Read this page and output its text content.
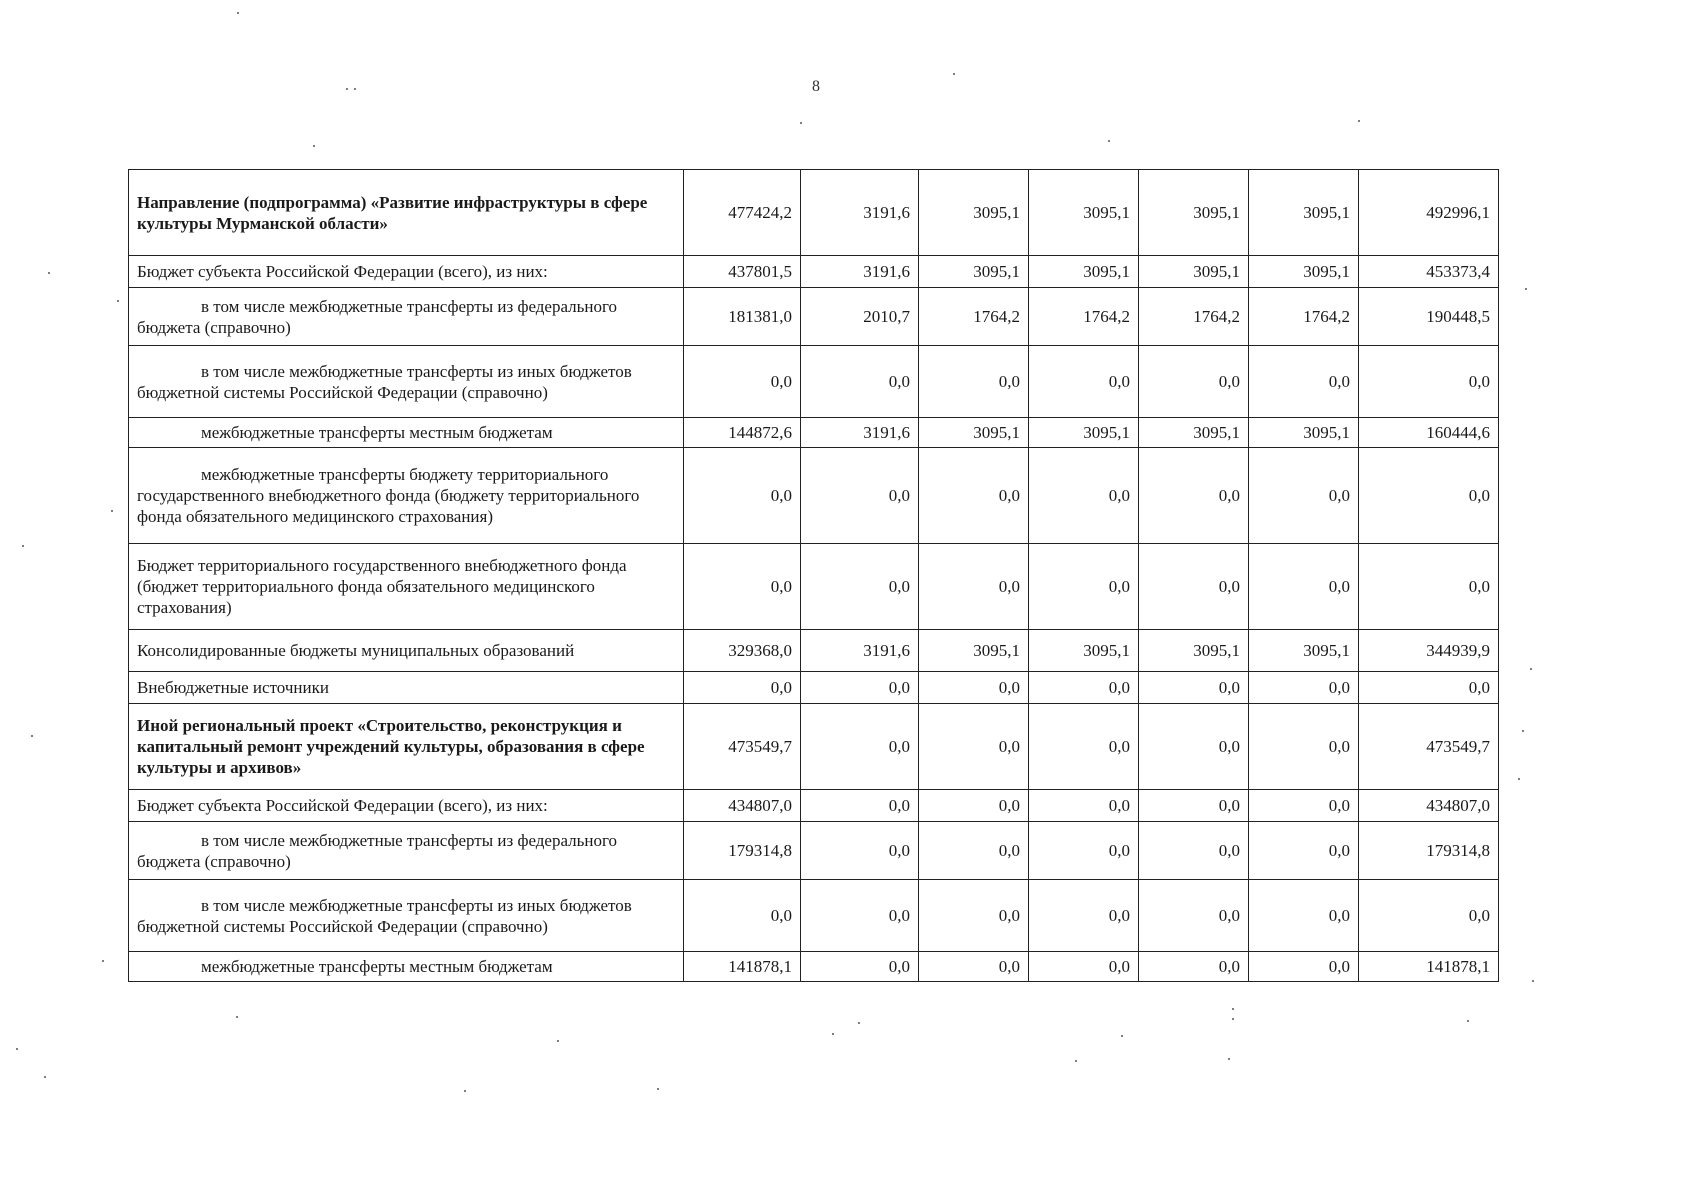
8
Направление (подпрограмма) «Развитие инфраструктуры в сфере культуры Мурманской области»	477424,2	3191,6	3095,1	3095,1	3095,1	3095,1	492996,1
Бюджет субъекта Российской Федерации (всего), из них:	437801,5	3191,6	3095,1	3095,1	3095,1	3095,1	453373,4
в том числе межбюджетные трансферты из федерального бюджета (справочно)	181381,0	2010,7	1764,2	1764,2	1764,2	1764,2	190448,5
в том числе межбюджетные трансферты из иных бюджетов бюджетной системы Российской Федерации (справочно)	0,0	0,0	0,0	0,0	0,0	0,0	0,0
межбюджетные трансферты местным бюджетам	144872,6	3191,6	3095,1	3095,1	3095,1	3095,1	160444,6
межбюджетные трансферты бюджету территориального государственного внебюджетного фонда (бюджету территориального фонда обязательного медицинского страхования)	0,0	0,0	0,0	0,0	0,0	0,0	0,0
Бюджет территориального государственного внебюджетного фонда (бюджет территориального фонда обязательного медицинского страхования)	0,0	0,0	0,0	0,0	0,0	0,0	0,0
Консолидированные бюджеты муниципальных образований	329368,0	3191,6	3095,1	3095,1	3095,1	3095,1	344939,9
Внебюджетные источники	0,0	0,0	0,0	0,0	0,0	0,0	0,0
Иной региональный проект «Строительство, реконструкция и капитальный ремонт учреждений культуры, образования в сфере культуры и архивов»	473549,7	0,0	0,0	0,0	0,0	0,0	473549,7
Бюджет субъекта Российской Федерации (всего), из них:	434807,0	0,0	0,0	0,0	0,0	0,0	434807,0
в том числе межбюджетные трансферты из федерального бюджета (справочно)	179314,8	0,0	0,0	0,0	0,0	0,0	179314,8
в том числе межбюджетные трансферты из иных бюджетов бюджетной системы Российской Федерации (справочно)	0,0	0,0	0,0	0,0	0,0	0,0	0,0
межбюджетные трансферты местным бюджетам	141878,1	0,0	0,0	0,0	0,0	0,0	141878,1
